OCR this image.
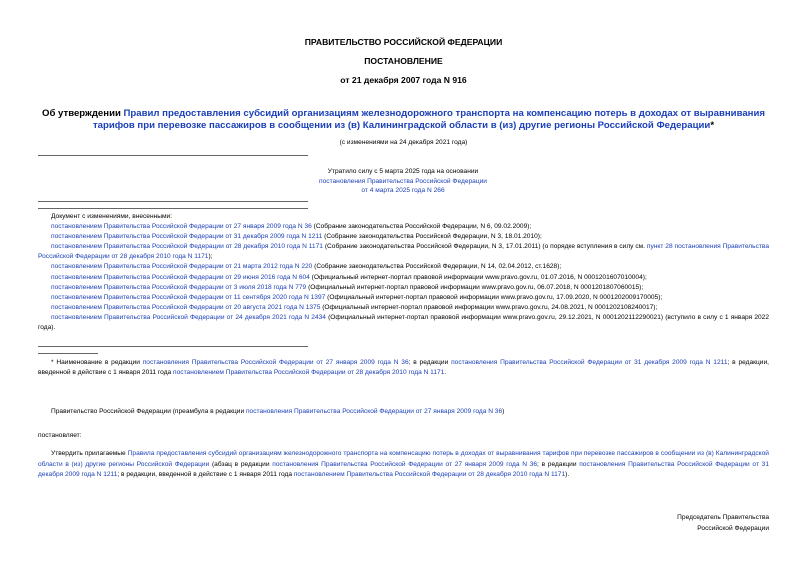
ПРАВИТЕЛЬСТВО РОССИЙСКОЙ ФЕДЕРАЦИИ
ПОСТАНОВЛЕНИЕ
от 21 декабря 2007 года N 916
Об утверждении Правил предоставления субсидий организациям железнодорожного транспорта на компенсацию потерь в доходах от выравнивания тарифов при перевозке пассажиров в сообщении из (в) Калининградской области в (из) другие регионы Российской Федерации*
(с изменениями на 24 декабря 2021 года)
Утратило силу с 5 марта 2025 года на основании
постановления Правительства Российской Федерации
от 4 марта 2025 года N 266
Документ с изменениями, внесенными:
постановлением Правительства Российской Федерации от 27 января 2009 года N 36 (Собрание законодательства Российской Федерации, N 6, 09.02.2009);
постановлением Правительства Российской Федерации от 31 декабря 2009 года N 1211 (Собрание законодательства Российской Федерации, N 3, 18.01.2010);
постановлением Правительства Российской Федерации от 28 декабря 2010 года N 1171 (Собрание законодательства Российской Федерации, N 3, 17.01.2011) (о порядке вступления в силу см. пункт 28 постановления Правительства Российской Федерации от 28 декабря 2010 года N 1171);
постановлением Правительства Российской Федерации от 21 марта 2012 года N 220 (Собрание законодательства Российской Федерации, N 14, 02.04.2012, ст.1628);
постановлением Правительства Российской Федерации от 29 июня 2016 года N 604 (Официальный интернет-портал правовой информации www.pravo.gov.ru, 01.07.2016, N 0001201607010004);
постановлением Правительства Российской Федерации от 3 июля 2018 года N 779 (Официальный интернет-портал правовой информации www.pravo.gov.ru, 06.07.2018, N 0001201807060015);
постановлением Правительства Российской Федерации от 11 сентября 2020 года N 1397 (Официальный интернет-портал правовой информации www.pravo.gov.ru, 17.09.2020, N 0001202009170005);
постановлением Правительства Российской Федерации от 20 августа 2021 года N 1375 (Официальный интернет-портал правовой информации www.pravo.gov.ru, 24.08.2021, N 0001202108240017);
постановлением Правительства Российской Федерации от 24 декабря 2021 года N 2434 (Официальный интернет-портал правовой информации www.pravo.gov.ru, 29.12.2021, N 0001202112290021) (вступило в силу с 1 января 2022 года).
* Наименование в редакции постановления Правительства Российской Федерации от 27 января 2009 года N 36; в редакции постановления Правительства Российской Федерации от 31 декабря 2009 года N 1211; в редакции, введенной в действие с 1 января 2011 года постановлением Правительства Российской Федерации от 28 декабря 2010 года N 1171.
Правительство Российской Федерации (преамбула в редакции постановления Правительства Российской Федерации от 27 января 2009 года N 36)
постановляет:
Утвердить прилагаемые Правила предоставления субсидий организациям железнодорожного транспорта на компенсацию потерь в доходах от выравнивания тарифов при перевозке пассажиров в сообщении из (в) Калининградской области в (из) другие регионы Российской Федерации (абзац в редакции постановления Правительства Российской Федерации от 27 января 2009 года N 36; в редакции постановления Правительства Российской Федерации от 31 декабря 2009 года N 1211; в редакции, введенной в действие с 1 января 2011 года постановлением Правительства Российской Федерации от 28 декабря 2010 года N 1171).
Председатель Правительства
Российской Федерации
